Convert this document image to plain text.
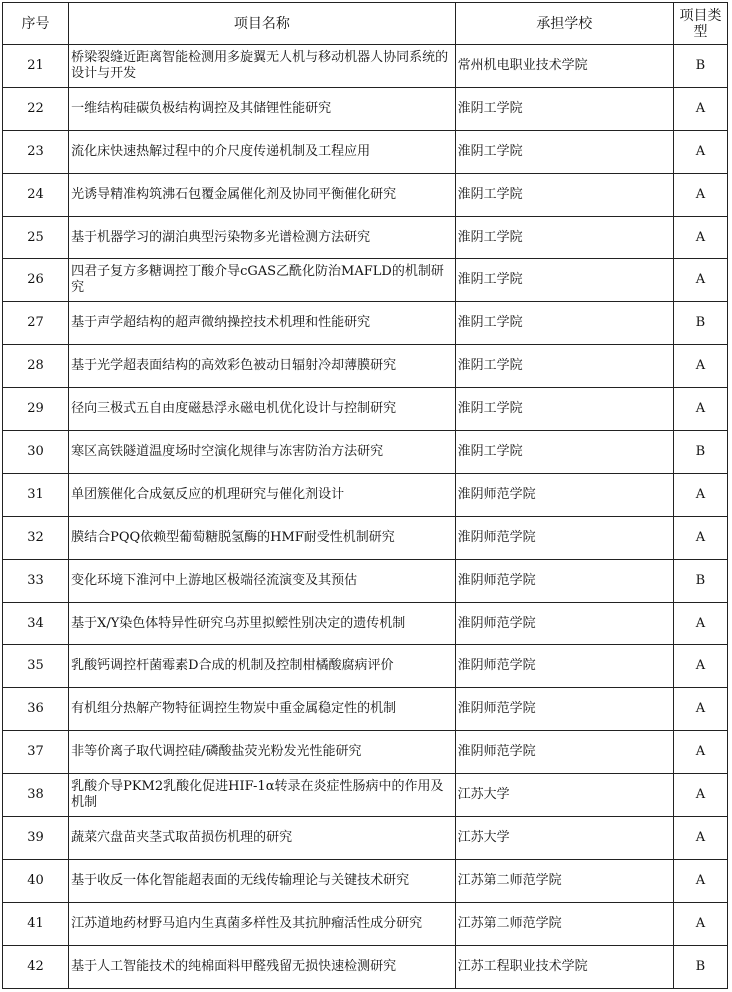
序号	项目名称	承担学校	项目类型
21	桥梁裂缝近距离智能检测用多旋翼无人机与移动机器人协同系统的设计与开发	常州机电职业技术学院	B
22	一维结构硅碳负极结构调控及其储锂性能研究	淮阴工学院	A
23	流化床快速热解过程中的介尺度传递机制及工程应用	淮阴工学院	A
24	光诱导精准构筑沸石包覆金属催化剂及协同平衡催化研究	淮阴工学院	A
25	基于机器学习的湖泊典型污染物多光谱检测方法研究	淮阴工学院	A
26	四君子复方多糖调控丁酸介导cGAS乙酰化防治MAFLD的机制研究	淮阴工学院	A
27	基于声学超结构的超声微纳操控技术机理和性能研究	淮阴工学院	B
28	基于光学超表面结构的高效彩色被动日辐射冷却薄膜研究	淮阴工学院	A
29	径向三极式五自由度磁悬浮永磁电机优化设计与控制研究	淮阴工学院	A
30	寒区高铁隧道温度场时空演化规律与冻害防治方法研究	淮阴工学院	B
31	单团簇催化合成氨反应的机理研究与催化剂设计	淮阴师范学院	A
32	膜结合PQQ依赖型葡萄糖脱氢酶的HMF耐受性机制研究	淮阴师范学院	A
33	变化环境下淮河中上游地区极端径流演变及其预估	淮阴师范学院	B
34	基于X/Y染色体特异性研究乌苏里拟鲿性别决定的遗传机制	淮阴师范学院	A
35	乳酸钙调控杆菌霉素D合成的机制及控制柑橘酸腐病评价	淮阴师范学院	A
36	有机组分热解产物特征调控生物炭中重金属稳定性的机制	淮阴师范学院	A
37	非等价离子取代调控硅/磷酸盐荧光粉发光性能研究	淮阴师范学院	A
38	乳酸介导PKM2乳酸化促进HIF-1α转录在炎症性肠病中的作用及机制	江苏大学	A
39	蔬菜穴盘苗夹茎式取苗损伤机理的研究	江苏大学	A
40	基于收反一体化智能超表面的无线传输理论与关键技术研究	江苏第二师范学院	A
41	江苏道地药材野马追内生真菌多样性及其抗肿瘤活性成分研究	江苏第二师范学院	A
42	基于人工智能技术的纯棉面料甲醛残留无损快速检测研究	江苏工程职业技术学院	B
